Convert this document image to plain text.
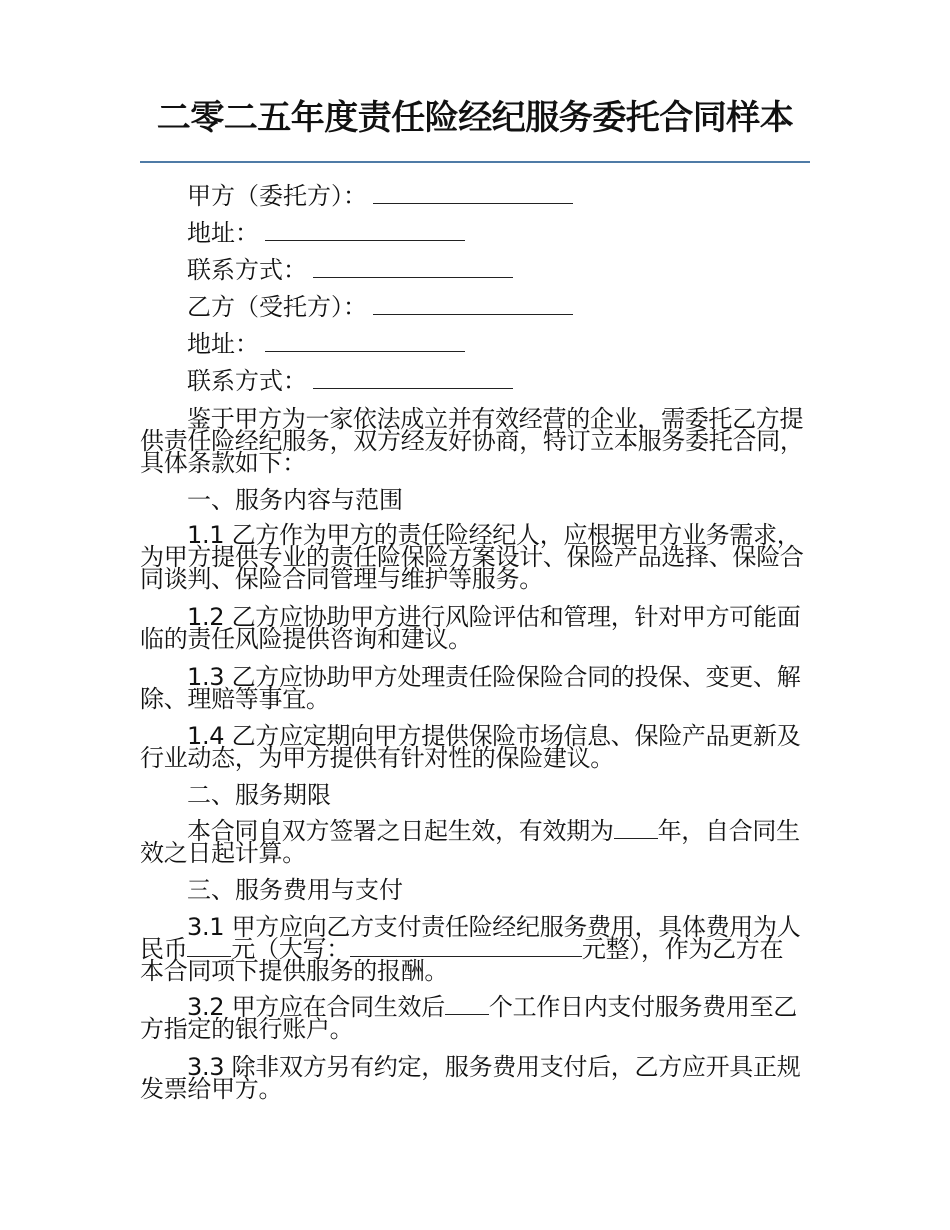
二零二五年度责任险经纪服务委托合同样本
甲方（委托方）：
地址：
联系方式：
乙方（受托方）：
地址：
联系方式：
鉴于甲方为一家依法成立并有效经营的企业，需委托乙方提供责任险经纪服务，双方经友好协商，特订立本服务委托合同，具体条款如下：
一、服务内容与范围
1.1 乙方作为甲方的责任险经纪人，应根据甲方业务需求，为甲方提供专业的责任险保险方案设计、保险产品选择、保险合同谈判、保险合同管理与维护等服务。
1.2 乙方应协助甲方进行风险评估和管理，针对甲方可能面临的责任风险提供咨询和建议。
1.3 乙方应协助甲方处理责任险保险合同的投保、变更、解除、理赔等事宜。
1.4 乙方应定期向甲方提供保险市场信息、保险产品更新及行业动态，为甲方提供有针对性的保险建议。
二、服务期限
本合同自双方签署之日起生效，有效期为 年，自合同生效之日起计算。
三、服务费用与支付
3.1 甲方应向乙方支付责任险经纪服务费用，具体费用为人民币 元（大写：	元整），作为乙方在本合同项下提供服务的报酬。
3.2 甲方应在合同生效后 个工作日内支付服务费用至乙方指定的银行账户。
3.3 除非双方另有约定，服务费用支付后，乙方应开具正规发票给甲方。
